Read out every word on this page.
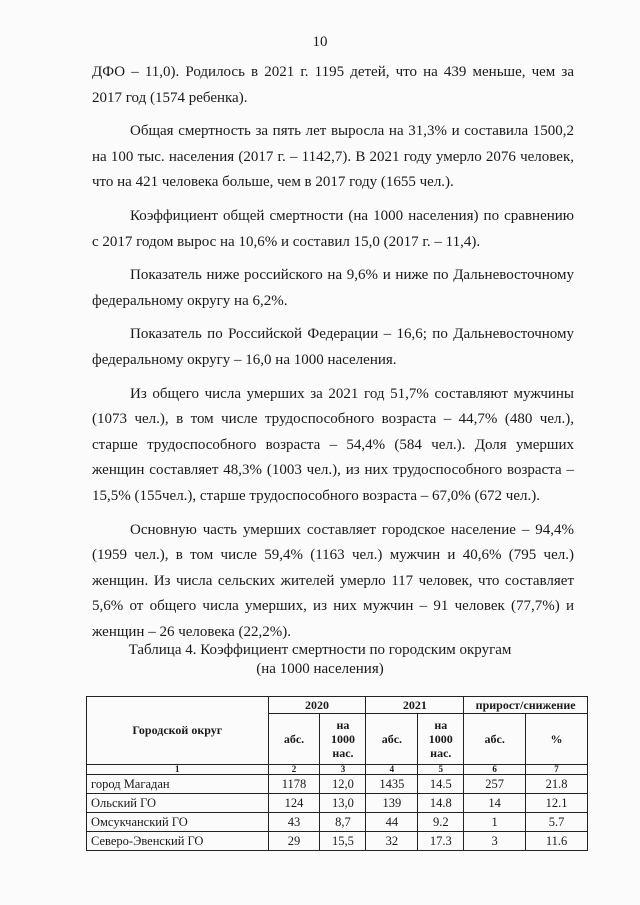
10

ДФО – 11,0). Родилось в 2021 г. 1195 детей, что на 439 меньше, чем за 2017 год (1574 ребенка).

Общая смертность за пять лет выросла на 31,3% и составила 1500,2 на 100 тыс. населения (2017 г. – 1142,7). В 2021 году умерло 2076 человек, что на 421 человека больше, чем в 2017 году (1655 чел.).

Коэффициент общей смертности (на 1000 населения) по сравнению с 2017 годом вырос на 10,6% и составил 15,0 (2017 г. – 11,4).

Показатель ниже российского на 9,6% и ниже по Дальневосточному федеральному округу на 6,2%.

Показатель по Российской Федерации – 16,6; по Дальневосточному федеральному округу – 16,0 на 1000 населения.

Из общего числа умерших за 2021 год 51,7% составляют мужчины (1073 чел.), в том числе трудоспособного возраста – 44,7% (480 чел.), старше трудоспособного возраста – 54,4% (584 чел.). Доля умерших женщин составляет 48,3% (1003 чел.), из них трудоспособного возраста – 15,5% (155чел.), старше трудоспособного возраста – 67,0% (672 чел.).

Основную часть умерших составляет городское население – 94,4% (1959 чел.), в том числе 59,4% (1163 чел.) мужчин и 40,6% (795 чел.) женщин. Из числа сельских жителей умерло 117 человек, что составляет 5,6% от общего числа умерших, из них мужчин – 91 человек (77,7%) и женщин – 26 человека (22,2%).

Таблица 4. Коэффициент смертности по городским округам
(на 1000 населения)
Городской округ	2020		2021		прирост/снижение	
	абс.	на 1000 нас.	абс.	на 1000 нас.	абс.	%
1	2	3	4	5	6	7
город Магадан	1178	12,0	1435	14.5	257	21.8
Ольский ГО	124	13,0	139	14.8	14	12.1
Омсукчанский ГО	43	8,7	44	9.2	1	5.7
Северо-Эвенский ГО	29	15,5	32	17.3	3	11.6
